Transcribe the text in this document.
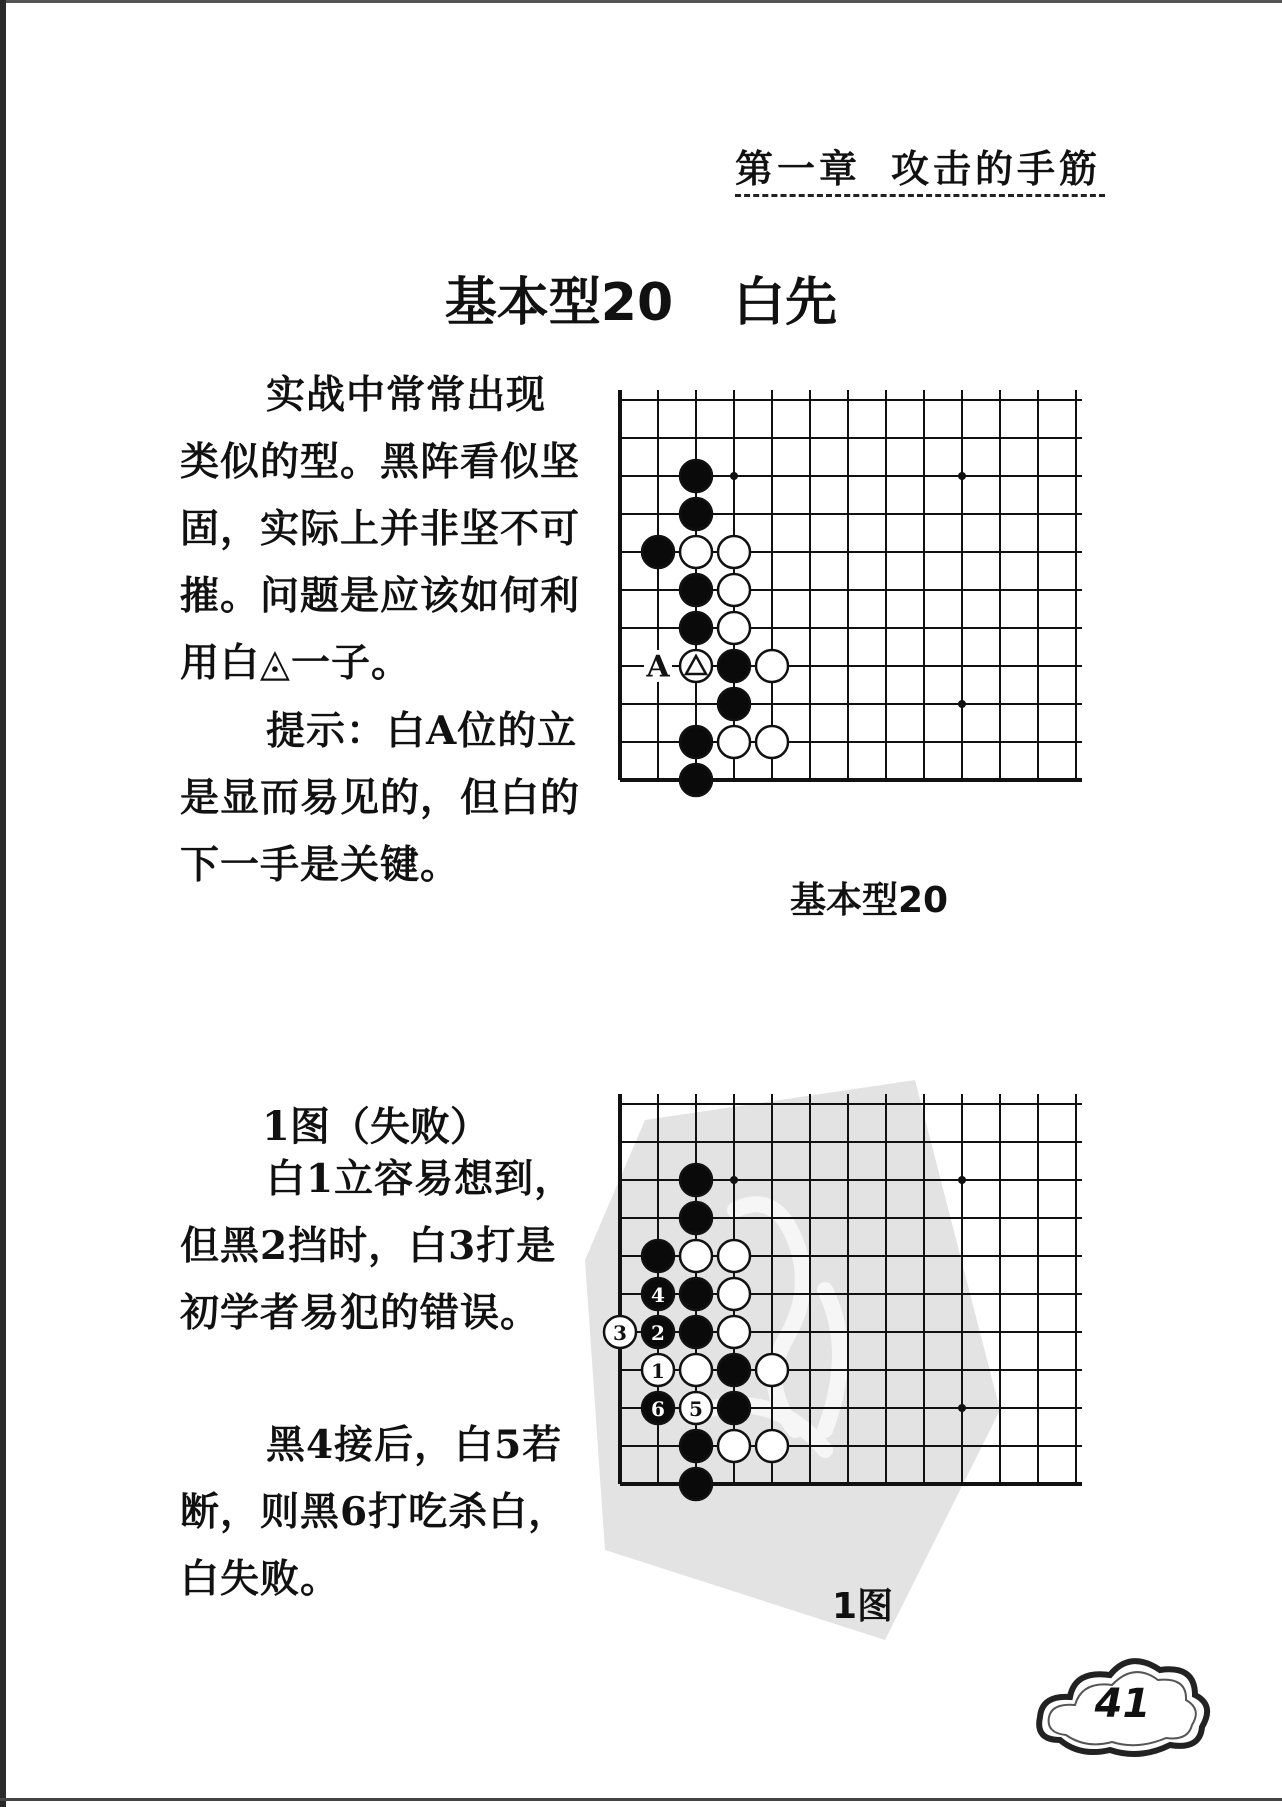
第一章 攻击的手筋
基本型20 白先

实战中常常出现类似的型。黑阵看似坚固，实际上并非坚不可摧。问题是应该如何利用白◬一子。

提示：白A位的立是显而易见的，但白的下一手是关键。

A
基本型20
1图（失败）

白1立容易想到，但黑2挡时，白3打是初学者易犯的错误。

黑4接后，白5若断，则黑6打吃杀白，白失败。

2
4
6
1
3
5
1图
41
